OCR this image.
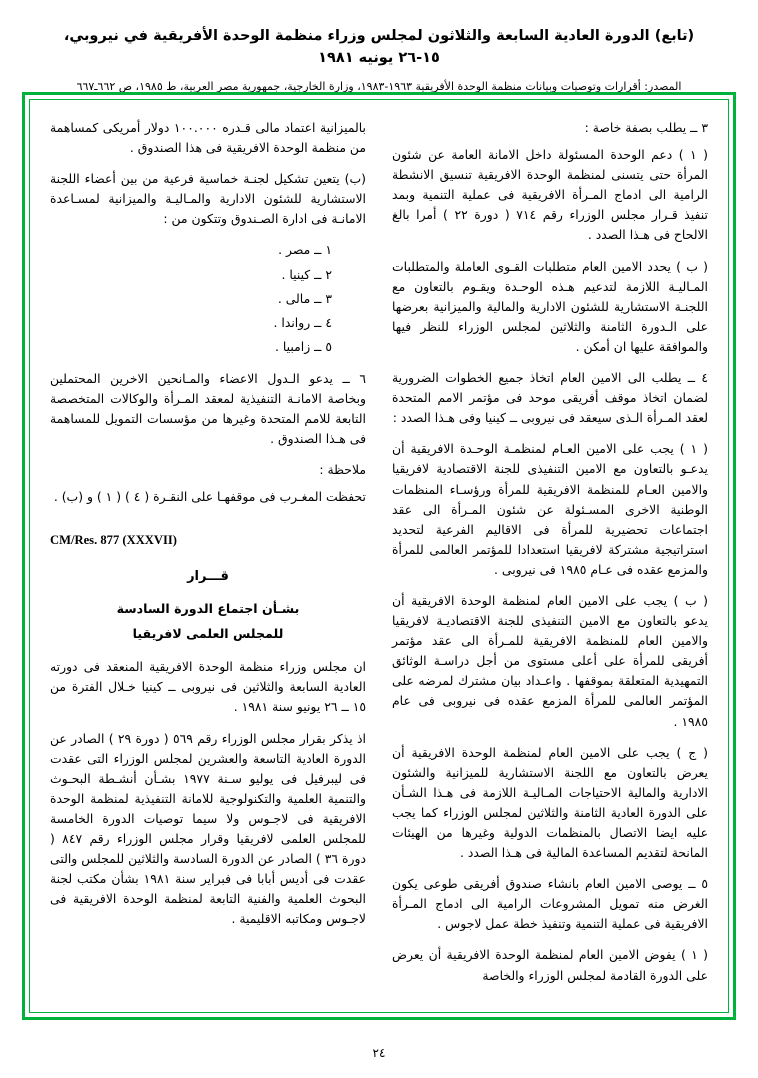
(تابع) الدورة العادية السابعة والثلاثون لمجلس وزراء منظمة الوحدة الأفريقية في نيروبي، ١٥-٢٦ يونيه ١٩٨١
المصدر: أقرارات وتوصيات وبيانات منظمة الوحدة الأفريقية ١٩٦٣-١٩٨٣، وزارة الخارجية، جمهورية مصر العربية، ط ١٩٨٥، ص ٦٦٢ـ٦٦٧

٣ ــ يطلب بصفة خاصة :

( ١ ) دعم الوحدة المسئولة داخل الامانة العامة عن شئون المرأة حتى يتسنى لمنظمة الوحدة الافريقية تنسيق الانشطة الرامية الى ادماج المـرأة الافريقية فى عملية التنمية وبمد تنفيذ قـرار مجلس الوزراء رقم ٧١٤ ( دورة ٢٢ ) أمرا بالغ الالحاح فى هـذا الصدد .

( ب ) يحدد الامين العام متطلبات القـوى العاملة والمتطلبات المـاليـة اللازمة لتدعيم هـذه الوحـدة ويقـوم بالتعاون مع اللجنـة الاستشارية للشئون الادارية والمالية والميزانية بعرضها على الـدورة الثامنة والثلاثين لمجلس الوزراء للنظر فيها والموافقة عليها ان أمكن .

٤ ــ يطلب الى الامين العام اتخاذ جميع الخطوات الضرورية لضمان اتخاذ موقف أفريقى موحد فى مؤتمر الامم المتحدة لعقد المـرأة الـذى سيعقد فى نيروبى ــ كينيا وفى هـذا الصدد :

( ١ ) يجب على الامين العـام لمنظمـة الوحـدة الافريقية أن يدعـو بالتعاون مع الامين التنفيذى للجنة الاقتصادية لافريقيا والامين العـام للمنظمة الافريقية للمرأة ورؤسـاء المنظمات الوطنية الاخرى المسـئولة عن شئون المـرأة الى عقد اجتماعات تحضيرية للمرأة فى الاقاليم الفرعية لتحديد استراتيجية مشتركة لافريقيا استعدادا للمؤتمر العالمى للمرأة والمزمع عقده فى عـام ١٩٨٥ فى نيروبى .

( ب ) يجب على الامين العام لمنظمة الوحدة الافريقية أن يدعو بالتعاون مع الامين التنفيذى للجنة الاقتصاديـة لافريقيا والامين العام للمنظمة الافريقية للمـرأة الى عقد مؤتمر أفريقى للمرأة على أعلى مستوى من أجل دراسـة الوثائق التمهيدية المتعلقة بموقفها . واعـداد بيان مشترك لمرضه على المؤتمر العالمى للمرأة المزمع عقده فى نيروبى فى عام ١٩٨٥ .

( ج ) يجب على الامين العام لمنظمة الوحدة الافريقية أن يعرض بالتعاون مع اللجنة الاستشارية للميزانية والشئون الادارية والمالية الاحتياجات المـاليـة اللازمة فى هـذا الشـأن على الدورة العادية الثامنة والثلاثين لمجلس الوزراء كما يجب عليه ايضا الاتصال بالمنظمات الدولية وغيرها من الهيئات المانحة لتقديم المساعدة المالية فى هـذا الصدد .

٥ ــ يوصى الامين العام بانشاء صندوق أفريقى طوعى يكون الغرض منه تمويل المشروعات الرامية الى ادماج المـرأة الافريقية فى عملية التنمية وتنفيذ خطة عمل لاجوس .

( ١ ) يفوض الامين العام لمنظمة الوحدة الافريقية أن يعرض على الدورة القادمة لمجلس الوزراء والخاصة

بالميزانية اعتماد مالى قـدره ١٠٠.٠٠٠ دولار أمريكى كمساهمة من منظمة الوحدة الافريقية فى هذا الصندوق .

(ب) يتعين تشكيل لجنـة خماسية فرعية من بين أعضاء اللجنة الاستشارية للشئون الادارية والمـاليـة والميزانية لمسـاعدة الامانـة فى ادارة الصـندوق وتتكون من :

١ ــ مصر .
٢ ــ كينيا .
٣ ــ مالى .
٤ ــ رواندا .
٥ ــ زامبيا .

٦ ــ يدعو الـدول الاعضاء والمـانحين الاخرين المحتملين وبخاصة الامانـة التنفيذية لمعقد المـرأة والوكالات المتخصصة التابعة للامم المتحدة وغيرها من مؤسسات التمويل للمساهمة فى هـذا الصندوق .

ملاحظة :

تحفظت المغـرب فى موقفهـا على النقـرة ( ٤ ) ( ١ ) و (ب) .

CM/Res. 877 (XXXVII)
قـــرار
بشـأن اجتماع الدورة السادسة
للمجلس العلمى لافريقيا

ان مجلس وزراء منظمة الوحدة الافريقية المنعقد فى دورته العادية السابعة والثلاثين فى نيروبى ــ كينيا خـلال الفترة من ١٥ ــ ٢٦ يونيو سنة ١٩٨١ .

اذ يذكر بقرار مجلس الوزراء رقم ٥٦٩ ( دورة ٢٩ ) الصادر عن الدورة العادية التاسعة والعشرين لمجلس الوزراء التى عقدت فى ليبرفيل فى يوليو سـنة ١٩٧٧ بشـأن أنشـطة البحـوث والتنمية العلمية والتكنولوجية للامانة التنفيذية لمنظمة الوحدة الافريقية فى لاجـوس ولا سيما توصيات الدورة الخامسة للمجلس العلمى لافريقيا وقرار مجلس الوزراء رقم ٨٤٧ ( دورة ٣٦ ) الصادر عن الدورة السادسة والثلاثين للمجلس والتى عقدت فى أديس أبابا فى فبراير سنة ١٩٨١ بشأن مكتب لجنة البحوث العلمية والفنية التابعة لمنظمة الوحدة الافريقية فى لاجـوس ومكاتبه الاقليمية .

٢٤
